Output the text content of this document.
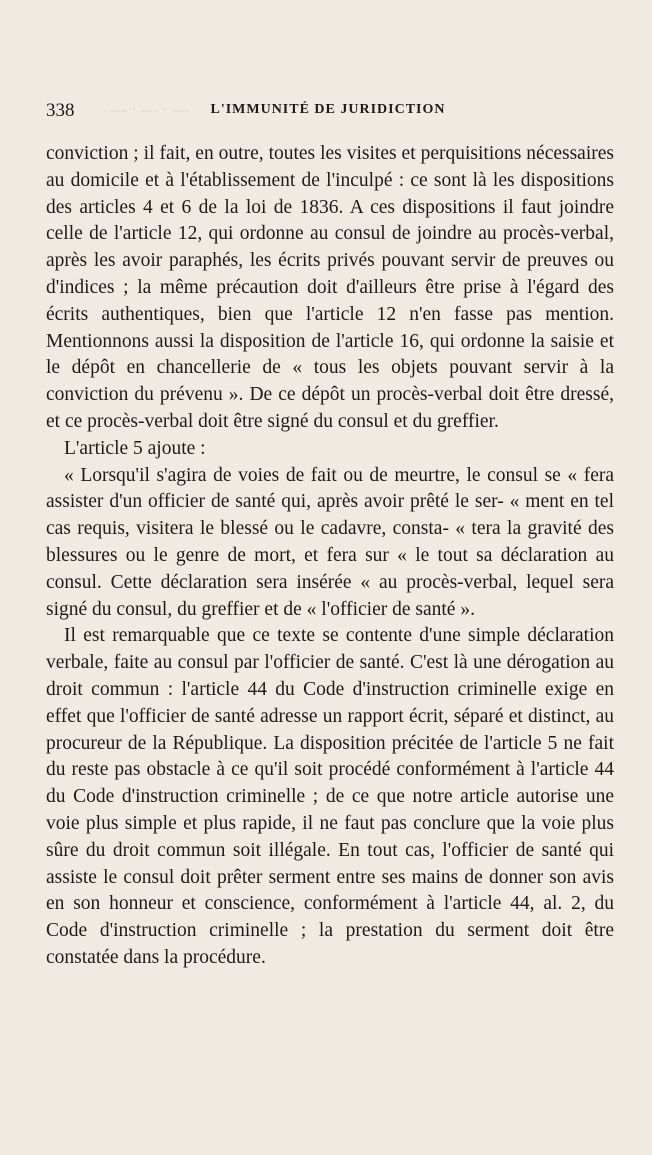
— · — · —
338	L'IMMUNITÉ DE JURIDICTION

conviction ; il fait, en outre, toutes les visites et perquisitions nécessaires au domicile et à l'établissement de l'inculpé : ce sont là les dispositions des articles 4 et 6 de la loi de 1836. A ces dispositions il faut joindre celle de l'article 12, qui ordonne au consul de joindre au procès-verbal, après les avoir paraphés, les écrits privés pouvant servir de preuves ou d'indices ; la même précaution doit d'ailleurs être prise à l'égard des écrits authentiques, bien que l'article 12 n'en fasse pas mention. Mentionnons aussi la disposition de l'article 16, qui ordonne la saisie et le dépôt en chancellerie de « tous les objets pouvant servir à la conviction du prévenu ». De ce dépôt un procès-verbal doit être dressé, et ce procès-verbal doit être signé du consul et du greffier.

L'article 5 ajoute :

« Lorsqu'il s'agira de voies de fait ou de meurtre, le consul se « fera assister d'un officier de santé qui, après avoir prêté le ser- « ment en tel cas requis, visitera le blessé ou le cadavre, consta- « tera la gravité des blessures ou le genre de mort, et fera sur « le tout sa déclaration au consul. Cette déclaration sera insérée « au procès-verbal, lequel sera signé du consul, du greffier et de « l'officier de santé ».

Il est remarquable que ce texte se contente d'une simple déclaration verbale, faite au consul par l'officier de santé. C'est là une dérogation au droit commun : l'article 44 du Code d'instruction criminelle exige en effet que l'officier de santé adresse un rapport écrit, séparé et distinct, au procureur de la République. La disposition précitée de l'article 5 ne fait du reste pas obstacle à ce qu'il soit procédé conformément à l'article 44 du Code d'instruction criminelle ; de ce que notre article autorise une voie plus simple et plus rapide, il ne faut pas conclure que la voie plus sûre du droit commun soit illégale. En tout cas, l'officier de santé qui assiste le consul doit prêter serment entre ses mains de donner son avis en son honneur et conscience, conformément à l'article 44, al. 2, du Code d'instruction criminelle ; la prestation du serment doit être constatée dans la procédure.
